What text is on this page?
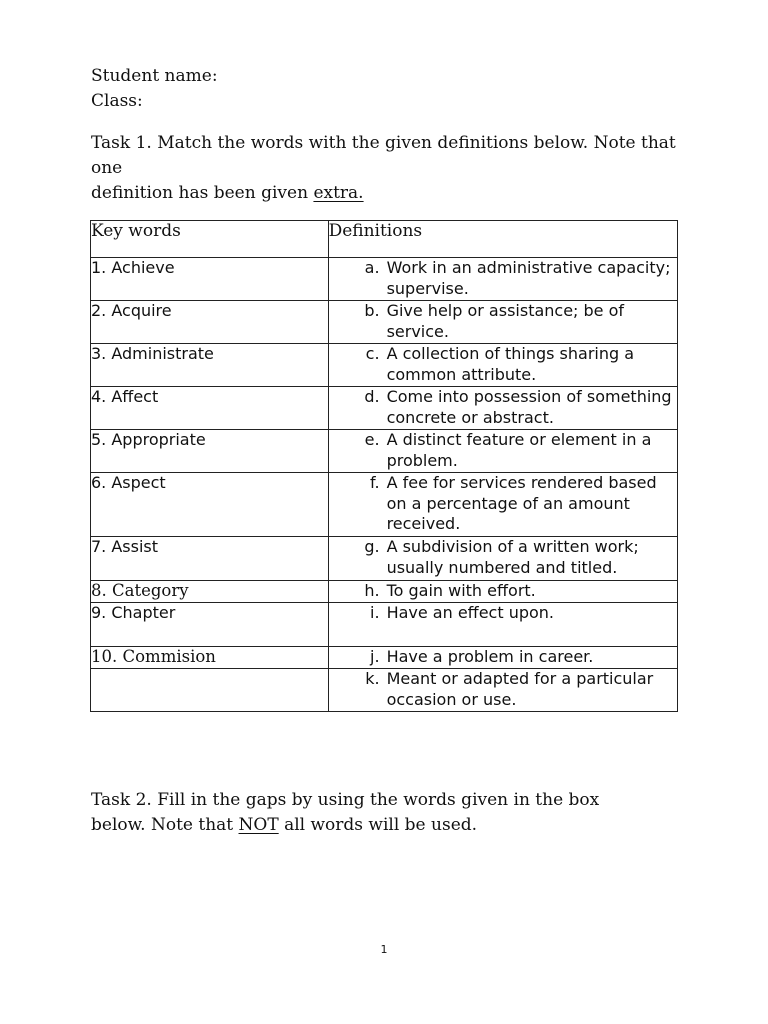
Student name:
Class:
Task 1. Match the words with the given definitions below. Note that one
definition has been given extra.
Key words	Definitions
1. Achieve	a. Work in an administrative capacity; supervise.

2. Acquire	b. Give help or assistance; be of service.

3. Administrate	c. A collection of things sharing a common attribute.

4. Affect	d. Come into possession of something concrete or abstract.

5. Appropriate	e. A distinct feature or element in a problem.

6. Aspect	f. A fee for services rendered based on a percentage of an amount received.

7. Assist	g. A subdivision of a written work; usually numbered and titled.

8. Category	h. To gain with effort.

9. Chapter	i. Have an effect upon.

10. Commision	j. Have a problem in career.

	k. Meant or adapted for a particular occasion or use.
Task 2. Fill in the gaps by using the words given in the box
below. Note that NOT all words will be used.
1
